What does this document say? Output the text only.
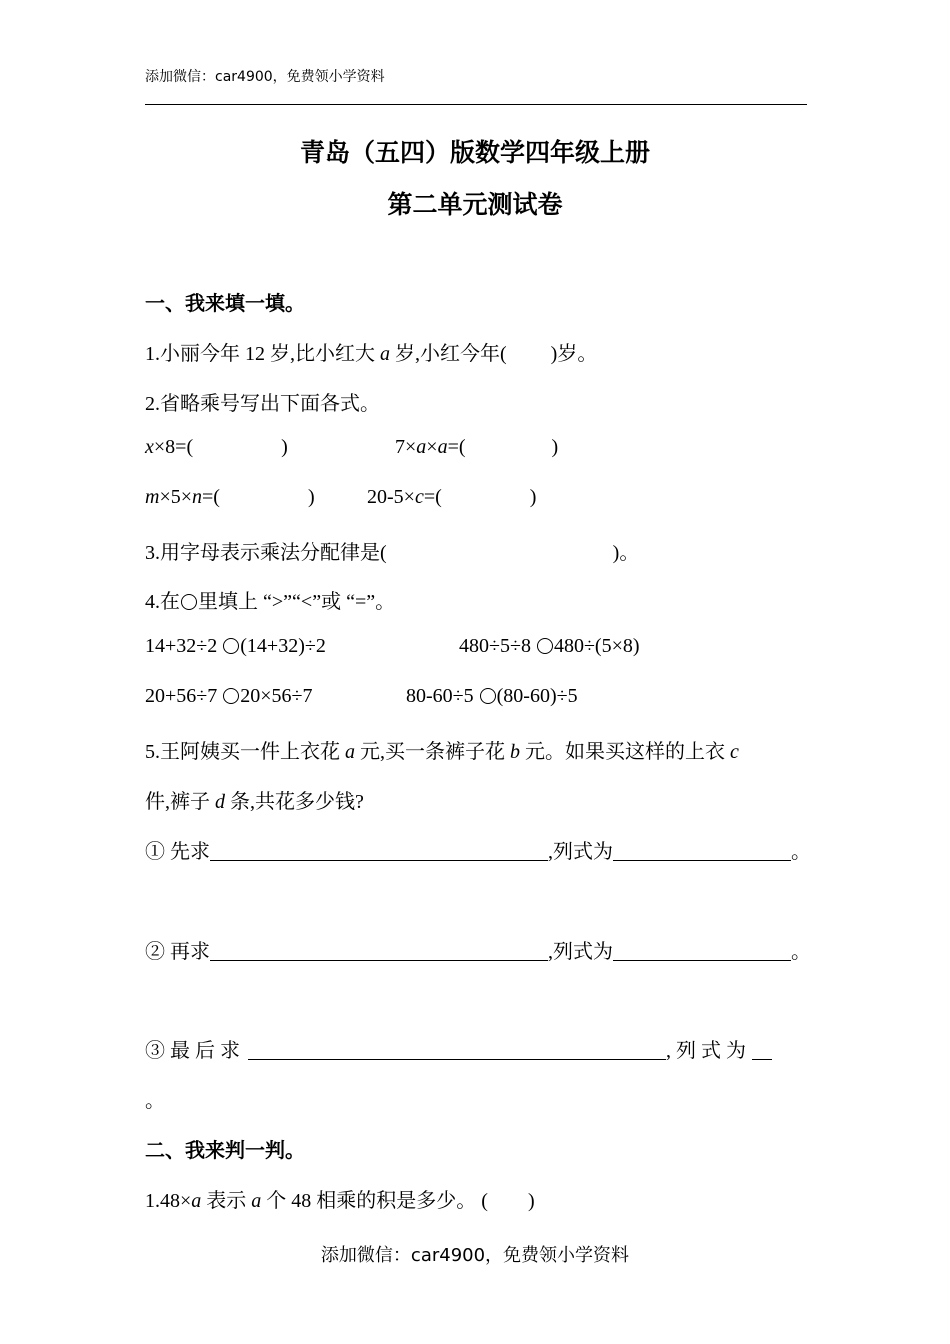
添加微信：car4900，免费领小学资料
青岛（五四）版数学四年级上册
第二单元测试卷
一、我来填一填。
1.小丽今年 12 岁,比小红大 a 岁,小红今年( )岁。
2.省略乘号写出下面各式。
x×8=(	)	7×a×a=(	)
m×5×n=(	)	20-5×c=(	)
3.用字母表示乘法分配律是(	)。
4.在 里填上 “>”“<”或 “=”。
14+32÷2 (14+32)÷2	480÷5÷8 480÷(5×8)
20+56÷7 20×56÷7	80-60÷5 (80-60)÷5
5.王阿姨买一件上衣花 a 元,买一条裤子花 b 元。如果买这样的上衣 c
件,裤子 d 条,共花多少钱?
① 先求	,列式为	。
② 再求	,列式为	。
③ 最 后 求	, 列 式 为
。
二、我来判一判。
1.48×a 表示 a 个 48 相乘的积是多少。 ( )
添加微信：car4900，免费领小学资料
